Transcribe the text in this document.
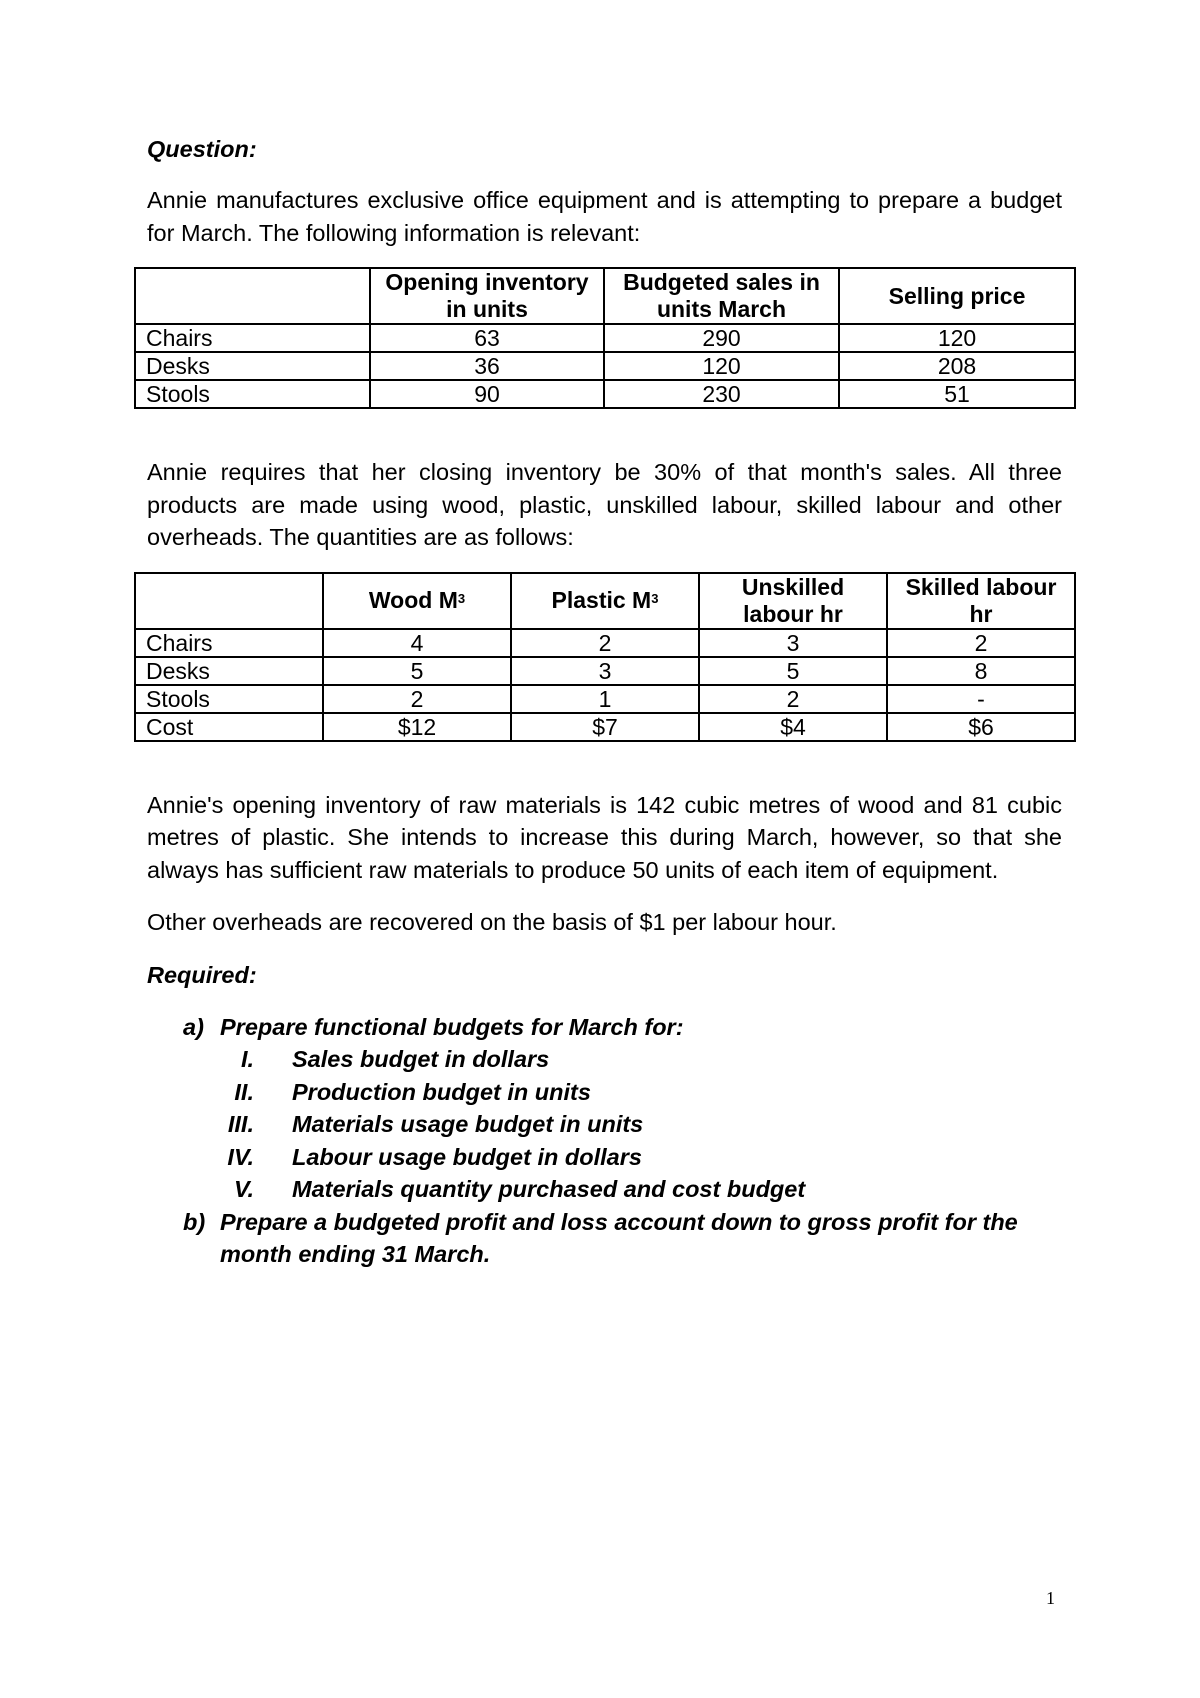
Question:

Annie manufactures exclusive office equipment and is attempting to prepare a budget for March. The following information is relevant:

	Opening inventory in units	Budgeted sales in units March	Selling price
Chairs	63	290	120
Desks	36	120	208
Stools	90	230	51

Annie requires that her closing inventory be 30% of that month's sales. All three products are made using wood, plastic, unskilled labour, skilled labour and other overheads. The quantities are as follows:

	Wood $M^3$	Plastic $M^3$	Unskilled labour hr	Skilled labour hr
Chairs	4	2	3	2
Desks	5	3	5	8
Stools	2	1	2	-
Cost	$12	$7	$4	$6

Annie's opening inventory of raw materials is 142 cubic metres of wood and 81 cubic metres of plastic. She intends to increase this during March, however, so that she always has sufficient raw materials to produce 50 units of each item of equipment.

Other overheads are recovered on the basis of $1 per labour hour.

Required:

a) Prepare functional budgets for March for:
I.	Sales budget in dollars
II.	Production budget in units
III.	Materials usage budget in units
IV.	Labour usage budget in dollars
V.	Materials quantity purchased and cost budget
b) Prepare a budgeted profit and loss account down to gross profit for the month ending 31 March.
1
